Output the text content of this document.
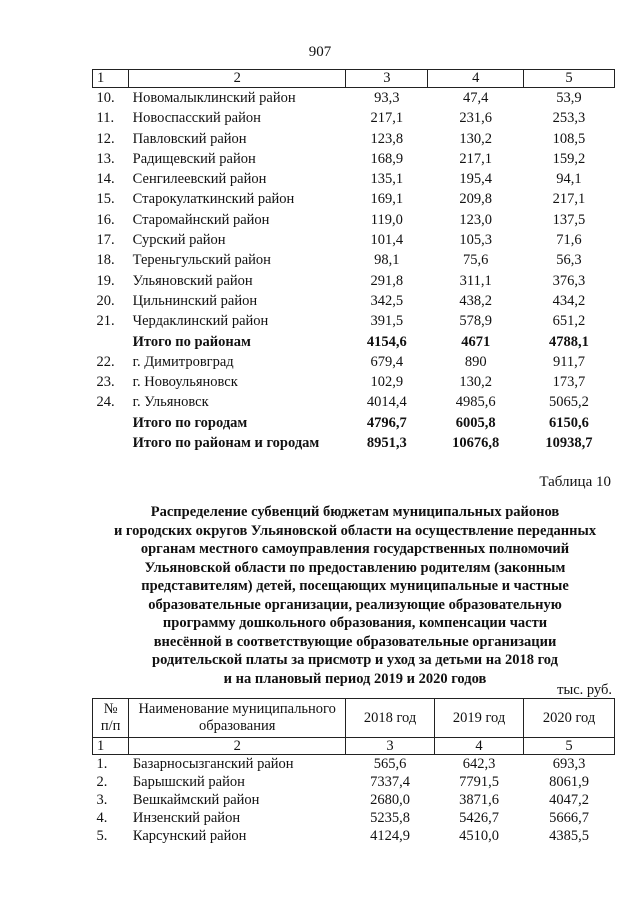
907
1	2	3	4	5
10.	Новомалыклинский район	93,3	47,4	53,9
11.	Новоспасский район	217,1	231,6	253,3
12.	Павловский район	123,8	130,2	108,5
13.	Радищевский район	168,9	217,1	159,2
14.	Сенгилеевский район	135,1	195,4	94,1
15.	Старокулаткинский район	169,1	209,8	217,1
16.	Старомайнский район	119,0	123,0	137,5
17.	Сурский район	101,4	105,3	71,6
18.	Тереньгульский район	98,1	75,6	56,3
19.	Ульяновский район	291,8	311,1	376,3
20.	Цильнинский район	342,5	438,2	434,2
21.	Чердаклинский район	391,5	578,9	651,2
	Итого по районам	4154,6	4671	4788,1
22.	г. Димитровград	679,4	890	911,7
23.	г. Новоульяновск	102,9	130,2	173,7
24.	г. Ульяновск	4014,4	4985,6	5065,2
	Итого по городам	4796,7	6005,8	6150,6
	Итого по районам и городам	8951,3	10676,8	10938,7
Таблица 10
Распределение субвенций бюджетам муниципальных районов
и городских округов Ульяновской области на осуществление переданных
органам местного самоуправления государственных полномочий
Ульяновской области по предоставлению родителям (законным
представителям) детей, посещающих муниципальные и частные
образовательные организации, реализующие образовательную
программу дошкольного образования, компенсации части
внесённой в соответствующие образовательные организации
родительской платы за присмотр и уход за детьми на 2018 год
и на плановый период 2019 и 2020 годов
тыс. руб.
№ п/п	Наименование муниципального образования	2018 год	2019 год	2020 год
1	2	3	4	5
1.	Базарносызганский район	565,6	642,3	693,3
2.	Барышский район	7337,4	7791,5	8061,9
3.	Вешкаймский район	2680,0	3871,6	4047,2
4.	Инзенский район	5235,8	5426,7	5666,7
5.	Карсунский район	4124,9	4510,0	4385,5
